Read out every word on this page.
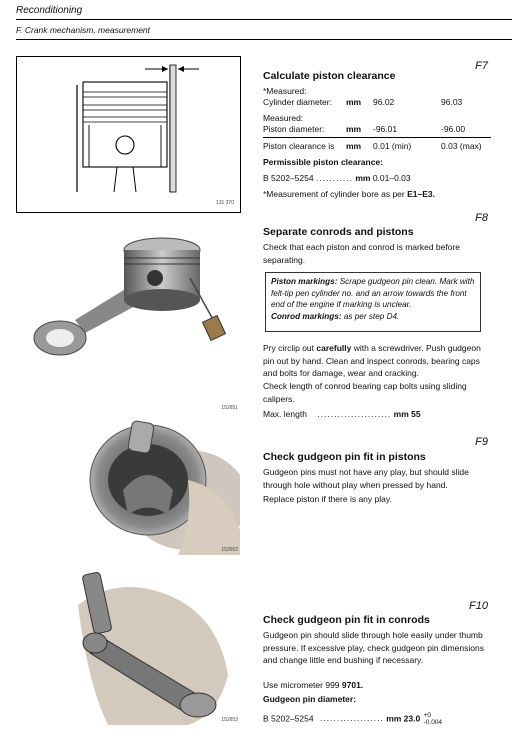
Reconditioning
F. Crank mechanism, measurement
131 370
F7
Calculate piston clearance
*Measured:
Cylinder diameter: mm 96.02	96.03
Measured:
Piston diameter:	mm -96.01	-96.00
Piston clearance is mm 0.01 (min)	0.03 (max)
Permissible piston clearance:
B 5202–5254 ........... mm 0.01–0.03
*Measurement of cylinder bore as per E1–E3.
152651
F8
Separate conrods and pistons
Check that each piston and conrod is marked before separating.
Piston markings: Scrape gudgeon pin clean. Mark with felt-tip pen cylinder no. and an arrow towards the front end of the engine if marking is unclear.
Conrod markings: as per step D4.
Pry circlip out carefully with a screwdriver. Push gudgeon pin out by hand. Clean and inspect conrods, bearing caps and bolts for damage, wear and cracking.
Check length of conrod bearing cap bolts using sliding calipers.
Max. length ...................... mm 55
152652
F9
Check gudgeon pin fit in pistons
Gudgeon pins must not have any play, but should slide through hole without play when pressed by hand.
Replace piston if there is any play.
152653
F10
Check gudgeon pin fit in conrods
Gudgeon pin should slide through hole easily under thumb pressure. If excessive play, check gudgeon pin dimensions and change little end bushing if necessary.
Use micrometer 999 9701.
Gudgeon pin diameter:
B 5202–5254 ................... mm 23.0 +0
-0.004
